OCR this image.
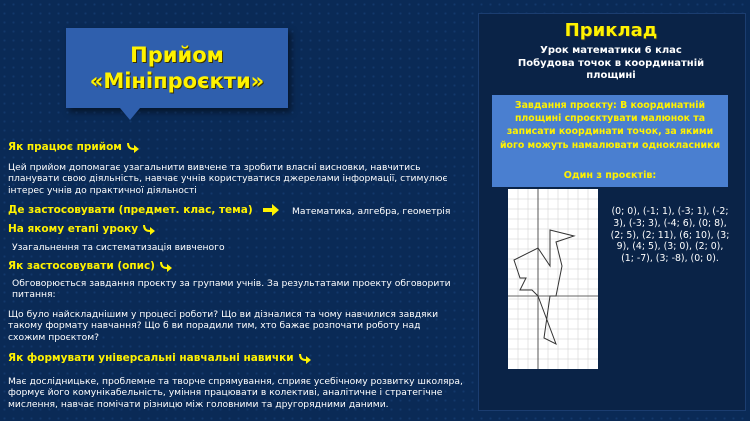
Прийом
«Мініпроєкти»
Як працює прийом
Цей прийом допомагає узагальнити вивчене та зробити власні висновки, навчитись планувати свою діяльність, навчає учнів користуватися джерелами інформації, стимулює інтерес учнів до практичної діяльності
Де застосовувати (предмет. клас, тема)	Математика, алгебра, геометрія
На якому етапі уроку
Узагальнення та систематизація вивченого
Як застосовувати (опис)
Обговорюється завдання проєкту за групами учнів. За результатами проекту обговорити питання:
Що було найскладнішим у процесі роботи? Що ви дізналися та чому навчилися завдяки такому формату навчання? Що б ви порадили тим, хто бажає розпочати роботу над схожим проєктом?
Як формувати універсальні навчальні навички
Має дослідницьке, проблемне та творче спрямування, сприяє усебічному розвитку школяра, формує його комунікабельність, уміння працювати в колективі, аналітичне і стратегічне мислення, навчає помічати різницю між головними та другорядними даними.
Приклад
Урок математики 6 клас
Побудова точок в координатній
площині
Завдання проєкту: В координатній площині спроєктувати малюнок та записати координати точок, за якими його можуть намалювати однокласники
Один з проєктів:
(0; 0), (-1; 1), (-3; 1), (-2; 3), (-3; 3), (-4; 6), (0; 8), (2; 5), (2; 11), (6; 10), (3; 9), (4; 5), (3; 0), (2; 0), (1; -7), (3; -8), (0; 0).
